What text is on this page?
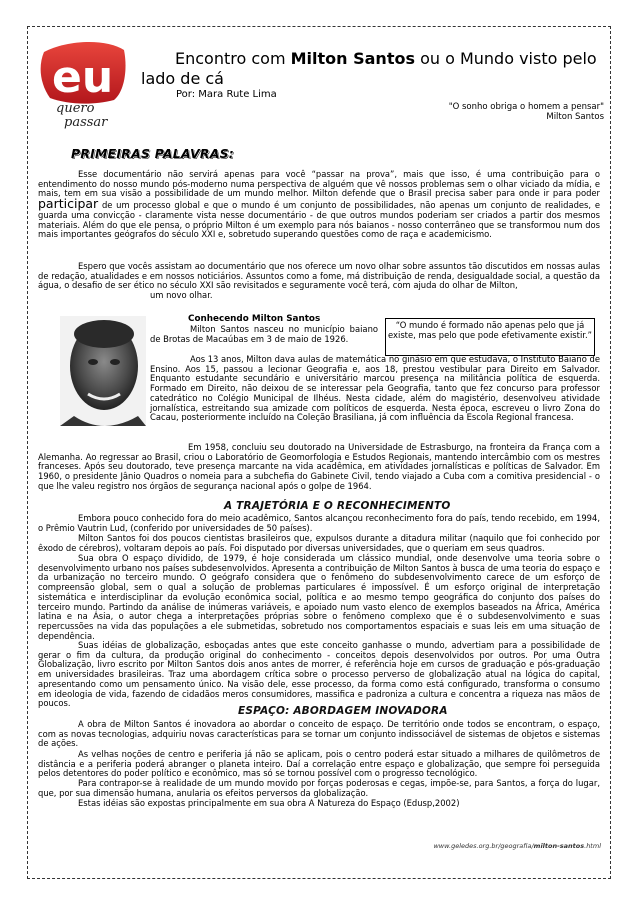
eu
quero
passar
Encontro com Milton Santos ou o Mundo visto pelo
lado de cá
Por: Mara Rute Lima
"O sonho obriga o homem a pensar"
Milton Santos
PRIMEIRAS PALAVRAS:

Esse documentário não servirá apenas para você “passar na prova”, mais que isso, é uma contribuição para o entendimento do nosso mundo pós-moderno numa perspectiva de alguém que vê nossos problemas sem o olhar viciado da mídia, e mais, tem em sua visão a possibilidade de um mundo melhor. Milton defende que o Brasil precisa saber para onde ir para poder participar de um processo global e que o mundo é um conjunto de possibilidades, não apenas um conjunto de realidades, e guarda uma convicção - claramente vista nesse documentário - de que outros mundos poderiam ser criados a partir dos mesmos materiais. Além do que ele pensa, o próprio Milton é um exemplo para nós baianos - nosso conterrâneo que se transformou num dos mais importantes geógrafos do século XXI e, sobretudo superando questões como de raça e academicismo.

Espero que vocês assistam ao documentário que nos oferece um novo olhar sobre assuntos tão discutidos em nossas aulas de redação, atualidades e em nossos noticiários. Assuntos como a fome, má distribuição de renda, desigualdade social, a questão da água, o desafio de ser ético no século XXI são revisitados e seguramente você terá, com ajuda do olhar de Milton,

um novo olhar.

Conhecendo Milton Santos
“O mundo é formado não apenas pelo que já existe, mas pelo que pode efetivamente existir.”

Milton Santos nasceu no município baiano de Brotas de Macaúbas em 3 de maio de 1926.

Aos 13 anos, Milton dava aulas de matemática no ginásio em que estudava, o Instituto Baiano de Ensino. Aos 15, passou a lecionar Geografia e, aos 18, prestou vestibular para Direito em Salvador. Enquanto estudante secundário e universitário marcou presença na militância política de esquerda. Formado em Direito, não deixou de se interessar pela Geografia, tanto que fez concurso para professor catedrático no Colégio Municipal de Ilhéus. Nesta cidade, além do magistério, desenvolveu atividade jornalística, estreitando sua amizade com políticos de esquerda. Nesta época, escreveu o livro Zona do Cacau, posteriormente incluído na Coleção Brasiliana, já com influência da Escola Regional francesa.

Em 1958, concluiu seu doutorado na Universidade de Estrasburgo, na fronteira da França com a Alemanha. Ao regressar ao Brasil, criou o Laboratório de Geomorfologia e Estudos Regionais, mantendo intercâmbio com os mestres franceses. Após seu doutorado, teve presença marcante na vida acadêmica, em atividades jornalísticas e políticas de Salvador. Em 1960, o presidente Jânio Quadros o nomeia para a subchefia do Gabinete Civil, tendo viajado a Cuba com a comitiva presidencial - o que lhe valeu registro nos órgãos de segurança nacional após o golpe de 1964.

A TRAJETÓRIA E O RECONHECIMENTO

Embora pouco conhecido fora do meio acadêmico, Santos alcançou reconhecimento fora do país, tendo recebido, em 1994, o Prêmio Vautrin Lud, (conferido por universidades de 50 países).

Milton Santos foi dos poucos cientistas brasileiros que, expulsos durante a ditadura militar (naquilo que foi conhecido por êxodo de cérebros), voltaram depois ao país. Foi disputado por diversas universidades, que o queriam em seus quadros.

Sua obra O espaço dividido, de 1979, é hoje considerada um clássico mundial, onde desenvolve uma teoria sobre o desenvolvimento urbano nos países subdesenvolvidos. Apresenta a contribuição de Milton Santos à busca de uma teoria do espaço e da urbanização no terceiro mundo. O geógrafo considera que o fenômeno do subdesenvolvimento carece de um esforço de compreensão global, sem o qual a solução de problemas particulares é impossível. É um esforço original de interpretação sistemática e interdisciplinar da evolução econômica social, política e ao mesmo tempo geográfica do conjunto dos países do terceiro mundo. Partindo da análise de inúmeras variáveis, e apoiado num vasto elenco de exemplos baseados na África, América latina e na Ásia, o autor chega a interpretações próprias sobre o fenômeno complexo que é o subdesenvolvimento e suas repercussões na vida das populações a ele submetidas, sobretudo nos comportamentos espaciais e suas leis em uma situação de dependência.

Suas idéias de globalização, esboçadas antes que este conceito ganhasse o mundo, advertiam para a possibilidade de gerar o fim da cultura, da produção original do conhecimento - conceitos depois desenvolvidos por outros. Por uma Outra Globalização, livro escrito por Milton Santos dois anos antes de morrer, é referência hoje em cursos de graduação e pós-graduação em universidades brasileiras. Traz uma abordagem crítica sobre o processo perverso de globalização atual na lógica do capital, apresentando como um pensamento único. Na visão dele, esse processo, da forma como está configurado, transforma o consumo em ideologia de vida, fazendo de cidadãos meros consumidores, massifica e padroniza a cultura e concentra a riqueza nas mãos de poucos.

ESPAÇO: ABORDAGEM INOVADORA

A obra de Milton Santos é inovadora ao abordar o conceito de espaço. De território onde todos se encontram, o espaço, com as novas tecnologias, adquiriu novas características para se tornar um conjunto indissociável de sistemas de objetos e sistemas de ações.

As velhas noções de centro e periferia já não se aplicam, pois o centro poderá estar situado a milhares de quilômetros de distância e a periferia poderá abranger o planeta inteiro. Daí a correlação entre espaço e globalização, que sempre foi perseguida pelos detentores do poder político e econômico, mas só se tornou possível com o progresso tecnológico.

Para contrapor-se à realidade de um mundo movido por forças poderosas e cegas, impõe-se, para Santos, a força do lugar, que, por sua dimensão humana, anularia os efeitos perversos da globalização.

Estas idéias são expostas principalmente em sua obra A Natureza do Espaço (Edusp,2002)

www.geledes.org.br/geografia/milton-santos.html
